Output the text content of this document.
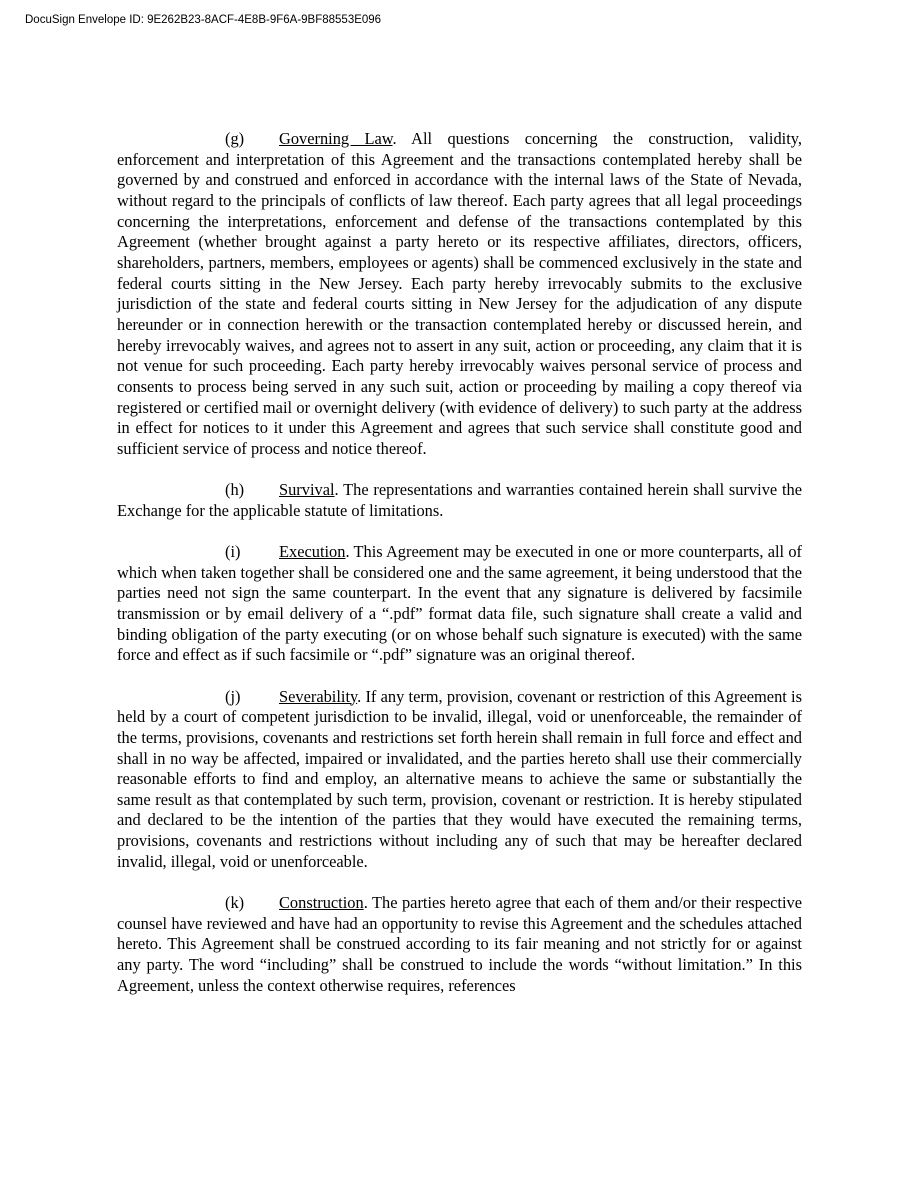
DocuSign Envelope ID: 9E262B23-8ACF-4E8B-9F6A-9BF88553E096

(g) Governing Law. All questions concerning the construction, validity, enforcement and interpretation of this Agreement and the transactions contemplated hereby shall be governed by and construed and enforced in accordance with the internal laws of the State of Nevada, without regard to the principals of conflicts of law thereof. Each party agrees that all legal proceedings concerning the interpretations, enforcement and defense of the transactions contemplated by this Agreement (whether brought against a party hereto or its respective affiliates, directors, officers, shareholders, partners, members, employees or agents) shall be commenced exclusively in the state and federal courts sitting in the New Jersey. Each party hereby irrevocably submits to the exclusive jurisdiction of the state and federal courts sitting in New Jersey for the adjudication of any dispute hereunder or in connection herewith or the transaction contemplated hereby or discussed herein, and hereby irrevocably waives, and agrees not to assert in any suit, action or proceeding, any claim that it is not venue for such proceeding. Each party hereby irrevocably waives personal service of process and consents to process being served in any such suit, action or proceeding by mailing a copy thereof via registered or certified mail or overnight delivery (with evidence of delivery) to such party at the address in effect for notices to it under this Agreement and agrees that such service shall constitute good and sufficient service of process and notice thereof.

(h) Survival. The representations and warranties contained herein shall survive the Exchange for the applicable statute of limitations.

(i) Execution. This Agreement may be executed in one or more counterparts, all of which when taken together shall be considered one and the same agreement, it being understood that the parties need not sign the same counterpart. In the event that any signature is delivered by facsimile transmission or by email delivery of a “.pdf” format data file, such signature shall create a valid and binding obligation of the party executing (or on whose behalf such signature is executed) with the same force and effect as if such facsimile or “.pdf” signature was an original thereof.

(j) Severability. If any term, provision, covenant or restriction of this Agreement is held by a court of competent jurisdiction to be invalid, illegal, void or unenforceable, the remainder of the terms, provisions, covenants and restrictions set forth herein shall remain in full force and effect and shall in no way be affected, impaired or invalidated, and the parties hereto shall use their commercially reasonable efforts to find and employ, an alternative means to achieve the same or substantially the same result as that contemplated by such term, provision, covenant or restriction. It is hereby stipulated and declared to be the intention of the parties that they would have executed the remaining terms, provisions, covenants and restrictions without including any of such that may be hereafter declared invalid, illegal, void or unenforceable.

(k) Construction. The parties hereto agree that each of them and/or their respective counsel have reviewed and have had an opportunity to revise this Agreement and the schedules attached hereto. This Agreement shall be construed according to its fair meaning and not strictly for or against any party. The word “including” shall be construed to include the words “without limitation.” In this Agreement, unless the context otherwise requires, references
